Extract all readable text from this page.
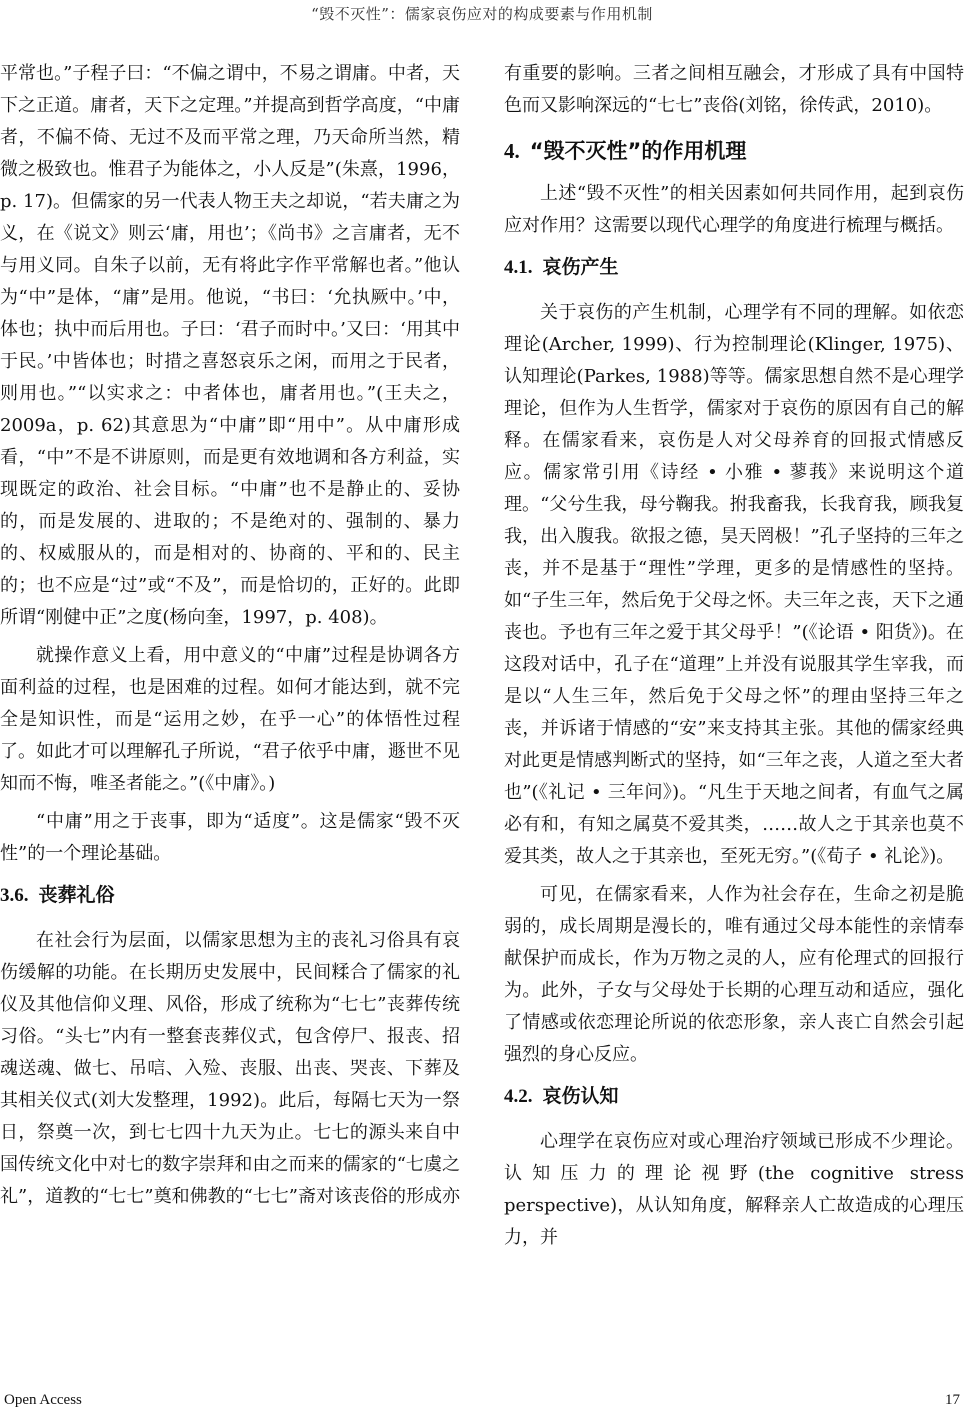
“毁不灭性”：儒家哀伤应对的构成要素与作用机制

平常也。”子程子曰：“不偏之谓中，不易之谓庸。中者，天下之正道。庸者，天下之定理。”并提高到哲学高度，“中庸者，不偏不倚、无过不及而平常之理，乃天命所当然，精微之极致也。惟君子为能体之，小人反是”(朱熹，1996，p. 17)。但儒家的另一代表人物王夫之却说，“若夫庸之为义，在《说文》则云‘庸，用也’；《尚书》之言庸者，无不与用义同。自朱子以前，无有将此字作平常解也者。”他认为“中”是体，“庸”是用。他说，“书曰：‘允执厥中。’中，体也；执中而后用也。子曰：‘君子而时中。’又曰：‘用其中于民。’中皆体也；时措之喜怒哀乐之闲，而用之于民者，则用也。”“以实求之：中者体也，庸者用也。”(王夫之，2009a，p. 62)其意思为“中庸”即“用中”。从中庸形成看，“中”不是不讲原则，而是更有效地调和各方利益，实现既定的政治、社会目标。“中庸”也不是静止的、妥协的，而是发展的、进取的；不是绝对的、强制的、暴力的、权威服从的，而是相对的、协商的、平和的、民主的；也不应是“过”或“不及”，而是恰切的，正好的。此即所谓“刚健中正”之度(杨向奎，1997，p. 408)。

就操作意义上看，用中意义的“中庸”过程是协调各方面利益的过程，也是困难的过程。如何才能达到，就不完全是知识性，而是“运用之妙，在乎一心”的体悟性过程了。如此才可以理解孔子所说，“君子依乎中庸，遯世不见知而不悔，唯圣者能之。”(《中庸》。)

“中庸”用之于丧事，即为“适度”。这是儒家“毁不灭性”的一个理论基础。

3.6. 丧葬礼俗

在社会行为层面，以儒家思想为主的丧礼习俗具有哀伤缓解的功能。在长期历史发展中，民间糅合了儒家的礼仪及其他信仰义理、风俗，形成了统称为“七七”丧葬传统习俗。“头七”内有一整套丧葬仪式，包含停尸、报丧、招魂送魂、做七、吊唁、入殓、丧服、出丧、哭丧、下葬及其相关仪式(刘大发整理，1992)。此后，每隔七天为一祭日，祭奠一次，到七七四十九天为止。七七的源头来自中国传统文化中对七的数字崇拜和由之而来的儒家的“七虞之礼”，道教的“七七”奠和佛教的“七七”斋对该丧俗的形成亦

有重要的影响。三者之间相互融会，才形成了具有中国特色而又影响深远的“七七”丧俗(刘铭，徐传武，2010)。

4. “毁不灭性”的作用机理

上述“毁不灭性”的相关因素如何共同作用，起到哀伤应对作用？这需要以现代心理学的角度进行梳理与概括。

4.1. 哀伤产生

关于哀伤的产生机制，心理学有不同的理解。如依恋理论(Archer, 1999)、行为控制理论(Klinger, 1975)、认知理论(Parkes, 1988)等等。儒家思想自然不是心理学理论，但作为人生哲学，儒家对于哀伤的原因有自己的解释。在儒家看来，哀伤是人对父母养育的回报式情感反应。儒家常引用《诗经 • 小雅 • 蓼莪》来说明这个道理。“父兮生我，母兮鞠我。拊我畜我，长我育我，顾我复我，出入腹我。欲报之德，昊天罔极！”孔子坚持的三年之丧，并不是基于“理性”学理，更多的是情感性的坚持。如“子生三年，然后免于父母之怀。夫三年之丧，天下之通丧也。予也有三年之爱于其父母乎！”(《论语 • 阳货》)。在这段对话中，孔子在“道理”上并没有说服其学生宰我，而是以“人生三年，然后免于父母之怀”的理由坚持三年之丧，并诉诸于情感的“安”来支持其主张。其他的儒家经典对此更是情感判断式的坚持，如“三年之丧，人道之至大者也”(《礼记 • 三年问》)。“凡生于天地之间者，有血气之属必有和，有知之属莫不爱其类，……故人之于其亲也莫不爱其类，故人之于其亲也，至死无穷。”(《荀子 • 礼论》)。

可见，在儒家看来，人作为社会存在，生命之初是脆弱的，成长周期是漫长的，唯有通过父母本能性的亲情奉献保护而成长，作为万物之灵的人，应有伦理式的回报行为。此外，子女与父母处于长期的心理互动和适应，强化了情感或依恋理论所说的依恋形象，亲人丧亡自然会引起强烈的身心反应。

4.2. 哀伤认知

心理学在哀伤应对或心理治疗领域已形成不少理论。认知压力的理论视野(the cognitive stress perspective)，从认知角度，解释亲人亡故造成的心理压力，并

Open Access	17
